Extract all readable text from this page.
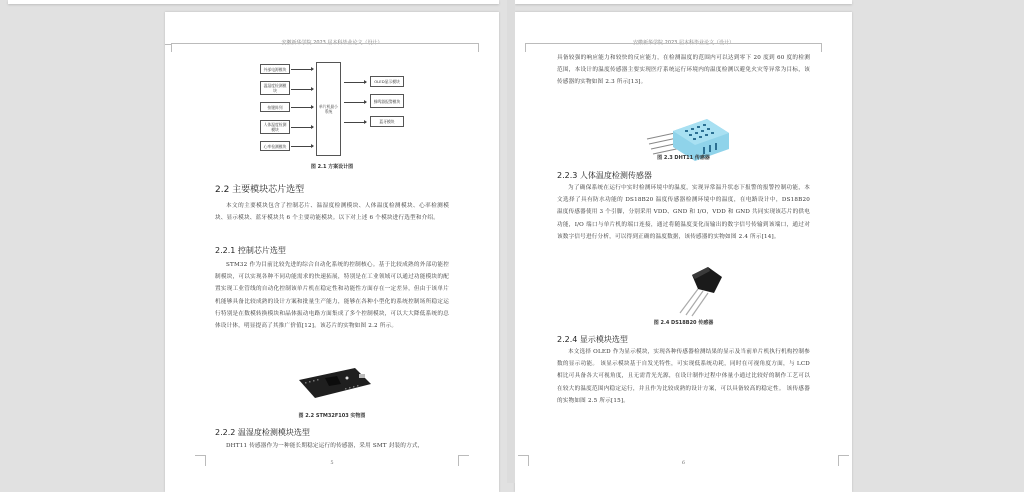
安徽新华学院 2023 届本科毕业论文（设计）
外部电源模块
温湿度检测模块
按键阵列
人体温度检测模块
心率检测模块
单片机最小系统
OLED显示模块
蜂鸣器报警模块
蓝牙模块
图 2.1 方案设计图
2.2 主要模块芯片选型

本文的主要模块包含了控制芯片、温湿度检测模块、人体温度检测模块、心率检测模块、显示模块、蓝牙模块共 6 个主要功能模块。以下对上述 6 个模块进行选型和介绍。

2.2.1 控制芯片选型

STM32 作为目前比较先进的综合自动化系统的控制核心。基于比较成熟的外部功能控制模块，可以实现各种不同功能需求的快速拓展，特别是在工业领域可以通过功能模块的配置实现工业管线的自动化控制该单片机在稳定性和功能性方面存在一定差异，但由于该单片机能够具备比较成熟的设计方案和批量生产能力，能够在各种小型化的系统控制场所稳定运行特别是在数模转换模块和晶体振动电路方面集成了多个控制模块，可以大大降低系统的总体设计体，明显提高了其推广价值[12]。该芯片的实物如图 2.2 所示。

图 2.2 STM32F103 实物图
2.2.2 温湿度检测模块选型

DHT11 传感器作为一种能长期稳定运行的传感器，采用 SMT 封装的方式，

5
安徽新华学院 2023 届本科毕业论文（设计）

具备较强的响应能力和较快的反应能力，在检测温度的范围内可以达到零下 20 度到 60 度的检测范围，本设计的温度传感器主要实现医疗系统运行环境内的温度检测以避免火灾等异常为目标，该传感器的实物如图 2.3 所示[13]。

图 2.3 DHT11 传感器
2.2.3 人体温度检测传感器

为了确保系统在运行中实时检测环境中的温度，实现异常温升状态下报警的报警控制功能，本文选择了具有防水功能的 DS18B20 温度传感器检测环境中的温度，在电路设计中，DS18B20 温度传感器使用 3 个引脚，分别采用 VDD、GND 和 I/O，VDD 和 GND 共同实现该芯片的供电功能，I/O 端口与单片机的端口连接，通过将随温度变化而输出的数字信号传输到该端口，通过对该数字信号进行分析，可以得到正确的温度数据，该传感器的实物如图 2.4 所示[14]。

图 2.4 DS18B20 传感器
2.2.4 显示模块选型

本文选择 OLED 作为显示模块，实现各种传感器检测结果的显示及当前单片机执行机构控制参数的显示功能。 该显示模块基于自发光特性，可实现低系统功耗，同时在可视角度方面，与 LCD 相比可具备各大可视角度，且无需背光光源，在设计制作过程中体量小通过比较好的制作工艺可以在较大的温度范围内稳定运行，并且作为比较成熟的设计方案，可以具备较高的稳定性。 该传感器的实物如图 2.5 所示[15]。

6
